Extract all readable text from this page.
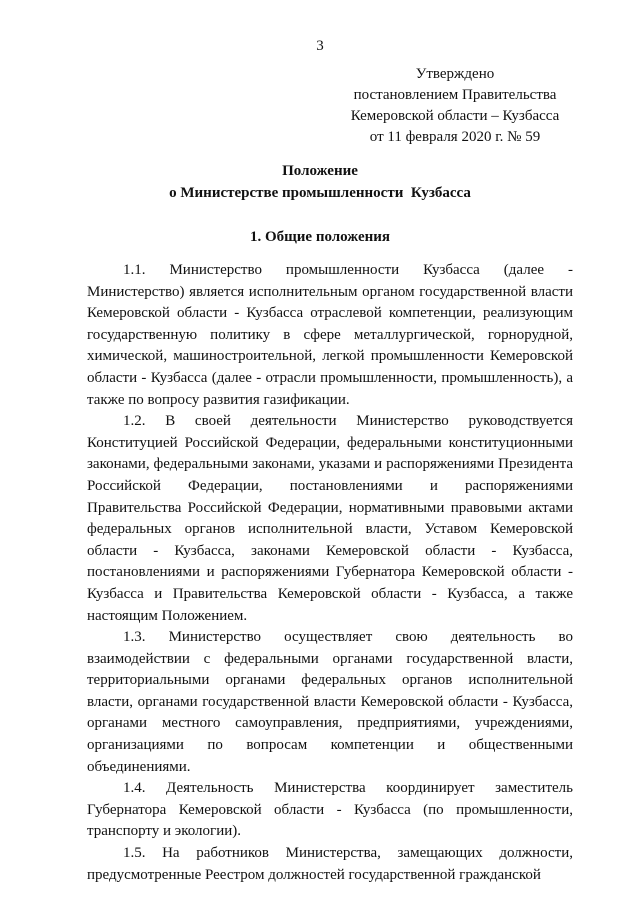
3
Утверждено
постановлением Правительства
Кемеровской области – Кузбасса
от 11 февраля 2020 г. № 59
Положение
о Министерстве промышленности  Кузбасса
1. Общие положения

1.1. Министерство промышленности Кузбасса (далее - Министерство) является исполнительным органом государственной власти Кемеровской области - Кузбасса отраслевой компетенции, реализующим государственную политику в сфере металлургической, горнорудной, химической, машиностроительной, легкой промышленности Кемеровской области - Кузбасса (далее - отрасли промышленности, промышленность), а также по вопросу развития газификации.

1.2. В своей деятельности Министерство руководствуется Конституцией Российской Федерации, федеральными конституционными законами, федеральными законами, указами и распоряжениями Президента Российской Федерации, постановлениями и распоряжениями Правительства Российской Федерации, нормативными правовыми актами федеральных органов исполнительной власти, Уставом Кемеровской области - Кузбасса, законами Кемеровской области - Кузбасса, постановлениями и распоряжениями Губернатора Кемеровской области - Кузбасса и Правительства Кемеровской области - Кузбасса, а также настоящим Положением.

1.3. Министерство осуществляет свою деятельность во взаимодействии с федеральными органами государственной власти, территориальными органами федеральных органов исполнительной власти, органами государственной власти Кемеровской области - Кузбасса, органами местного самоуправления, предприятиями, учреждениями, организациями по вопросам компетенции и общественными объединениями.

1.4. Деятельность Министерства координирует заместитель Губернатора Кемеровской области - Кузбасса (по промышленности, транспорту и экологии).

1.5. На работников Министерства, замещающих должности, предусмотренные Реестром должностей государственной гражданской
